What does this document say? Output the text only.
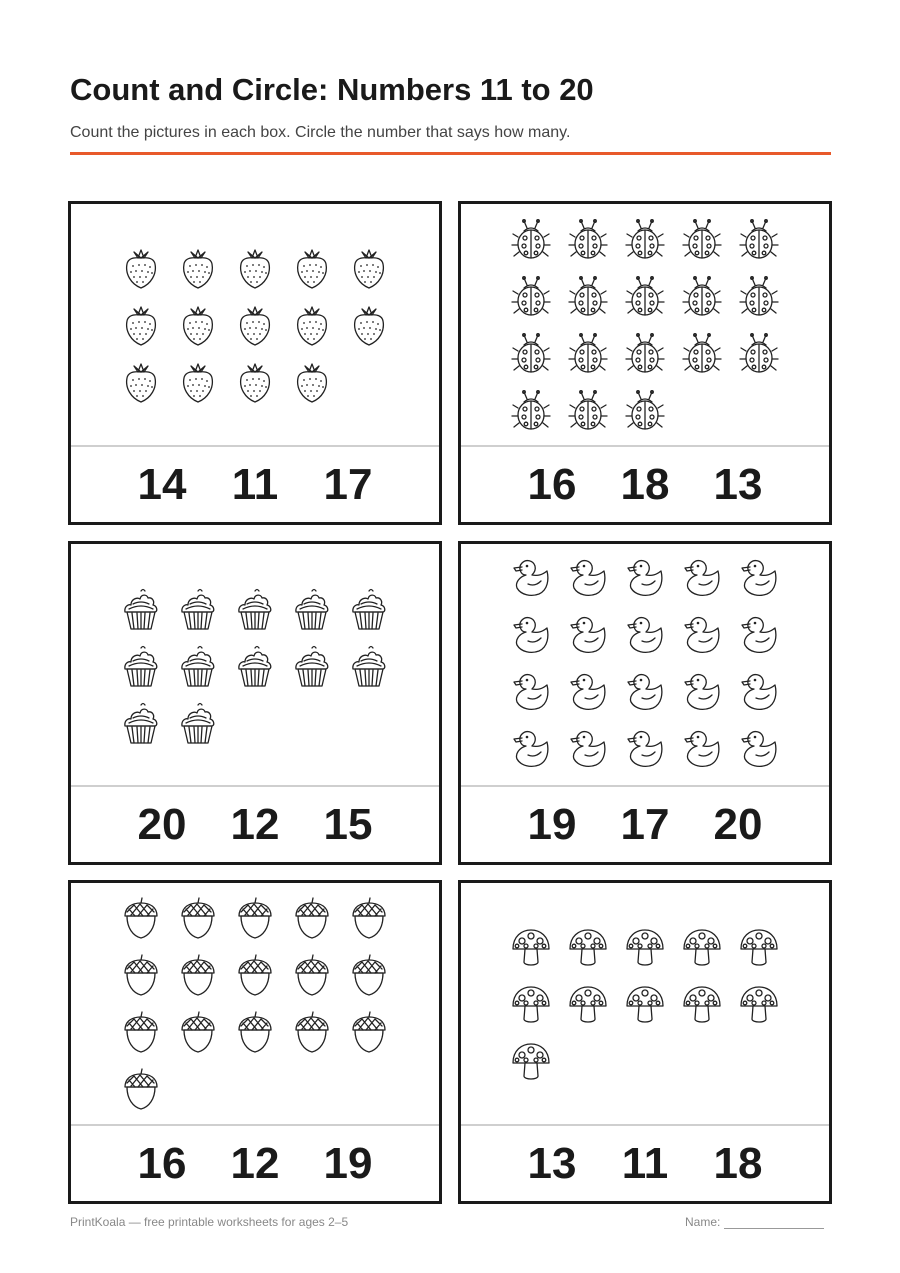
Count and Circle: Numbers 11 to 20
Count the pictures in each box. Circle the number that says how many.
14	11	17	16	18	13
20	12	15	19	17	20
16	12	19	13	11	18
PrintKoala — free printable worksheets for ages 2–5	Name:
